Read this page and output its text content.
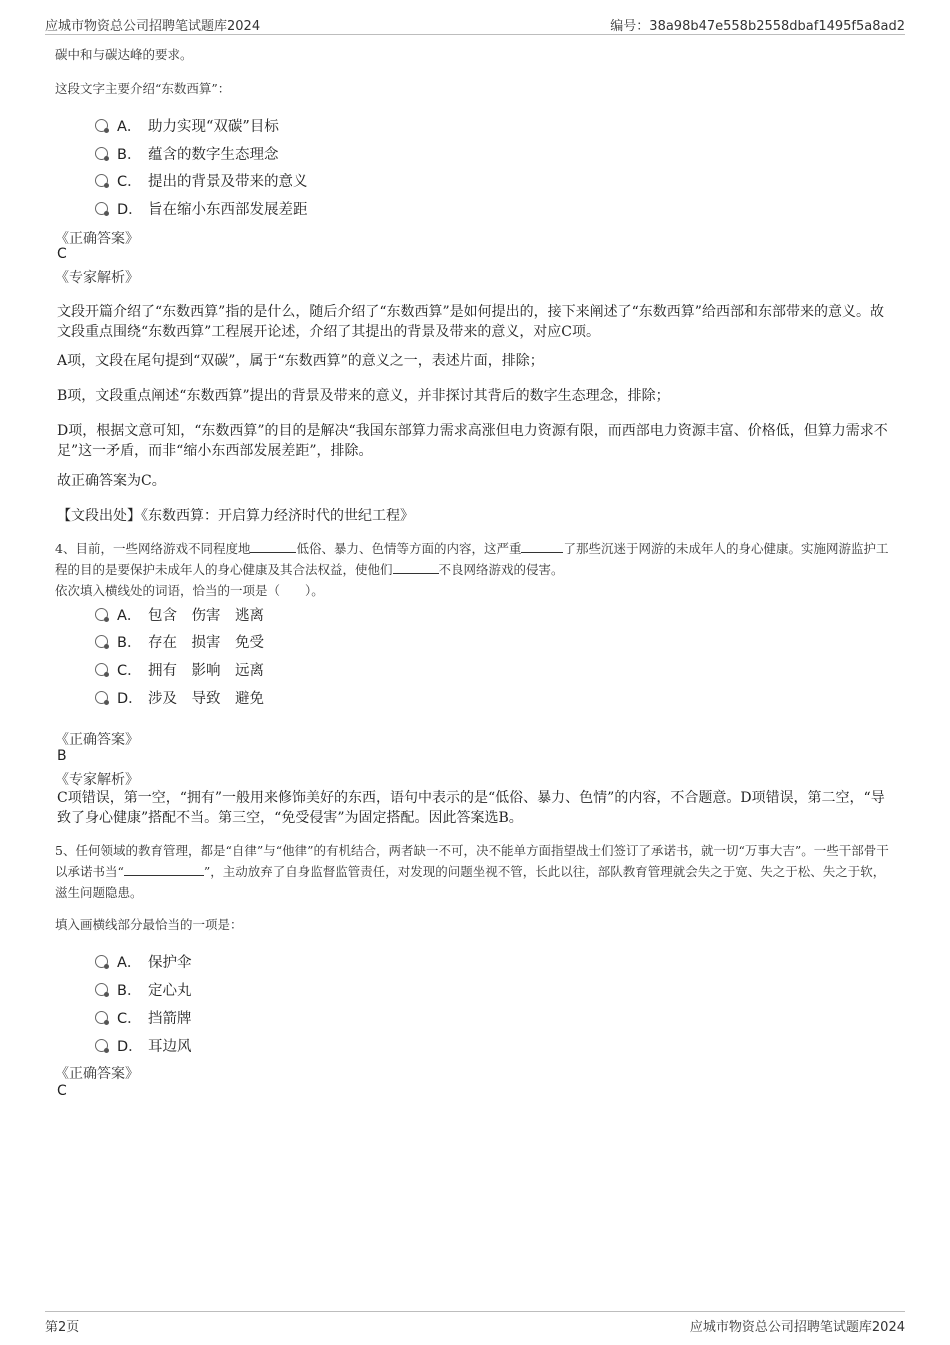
应城市物资总公司招聘笔试题库2024	编号：38a98b47e558b2558dbaf1495f5a8ad2
碳中和与碳达峰的要求。
这段文字主要介绍“东数西算”：

A．

助力实现“双碳”目标

B．

蕴含的数字生态理念

C．

提出的背景及带来的意义

D．

旨在缩小东西部发展差距

《正确答案》
C
《专家解析》
文段开篇介绍了“东数西算”指的是什么，随后介绍了“东数西算”是如何提出的，接下来阐述了“东数西算”给西部和东部带来的意义。故文段重点围绕“东数西算”工程展开论述，介绍了其提出的背景及带来的意义，对应C项。
A项，文段在尾句提到“双碳”，属于“东数西算”的意义之一，表述片面，排除；
B项，文段重点阐述“东数西算”提出的背景及带来的意义，并非探讨其背后的数字生态理念，排除；
D项，根据文意可知，“东数西算”的目的是解决“我国东部算力需求高涨但电力资源有限，而西部电力资源丰富、价格低，但算力需求不足”这一矛盾，而非“缩小东西部发展差距”，排除。
故正确答案为C。
【文段出处】《东数西算：开启算力经济时代的世纪工程》
4、目前，一些网络游戏不同程度地	低俗、暴力、色情等方面的内容，这严重	了那些沉迷于网游的未成年人的身心健康。实施网游监护工程的目的是要保护未成年人的身心健康及其合法权益，使他们	不良网络游戏的侵害。
依次填入横线处的词语，恰当的一项是（　　）。

A．

包含　伤害　逃离

B．

存在　损害　免受

C．

拥有　影响　远离

D．

涉及　导致　避免

《正确答案》
B
《专家解析》
C项错误，第一空，“拥有”一般用来修饰美好的东西，语句中表示的是“低俗、暴力、色情”的内容，不合题意。D项错误，第二空，“导致了身心健康”搭配不当。第三空，“免受侵害”为固定搭配。因此答案选B。
5、任何领域的教育管理，都是“自律”与“他律”的有机结合，两者缺一不可，决不能单方面指望战士们签订了承诺书，就一切“万事大吉”。一些干部骨干以承诺书当“	”，主动放弃了自身监督监管责任，对发现的问题坐视不管，长此以往，部队教育管理就会失之于宽、失之于松、失之于软，滋生问题隐患。
填入画横线部分最恰当的一项是：

A．

保护伞

B．

定心丸

C．

挡箭牌

D．

耳边风

《正确答案》
C
第2页	应城市物资总公司招聘笔试题库2024
